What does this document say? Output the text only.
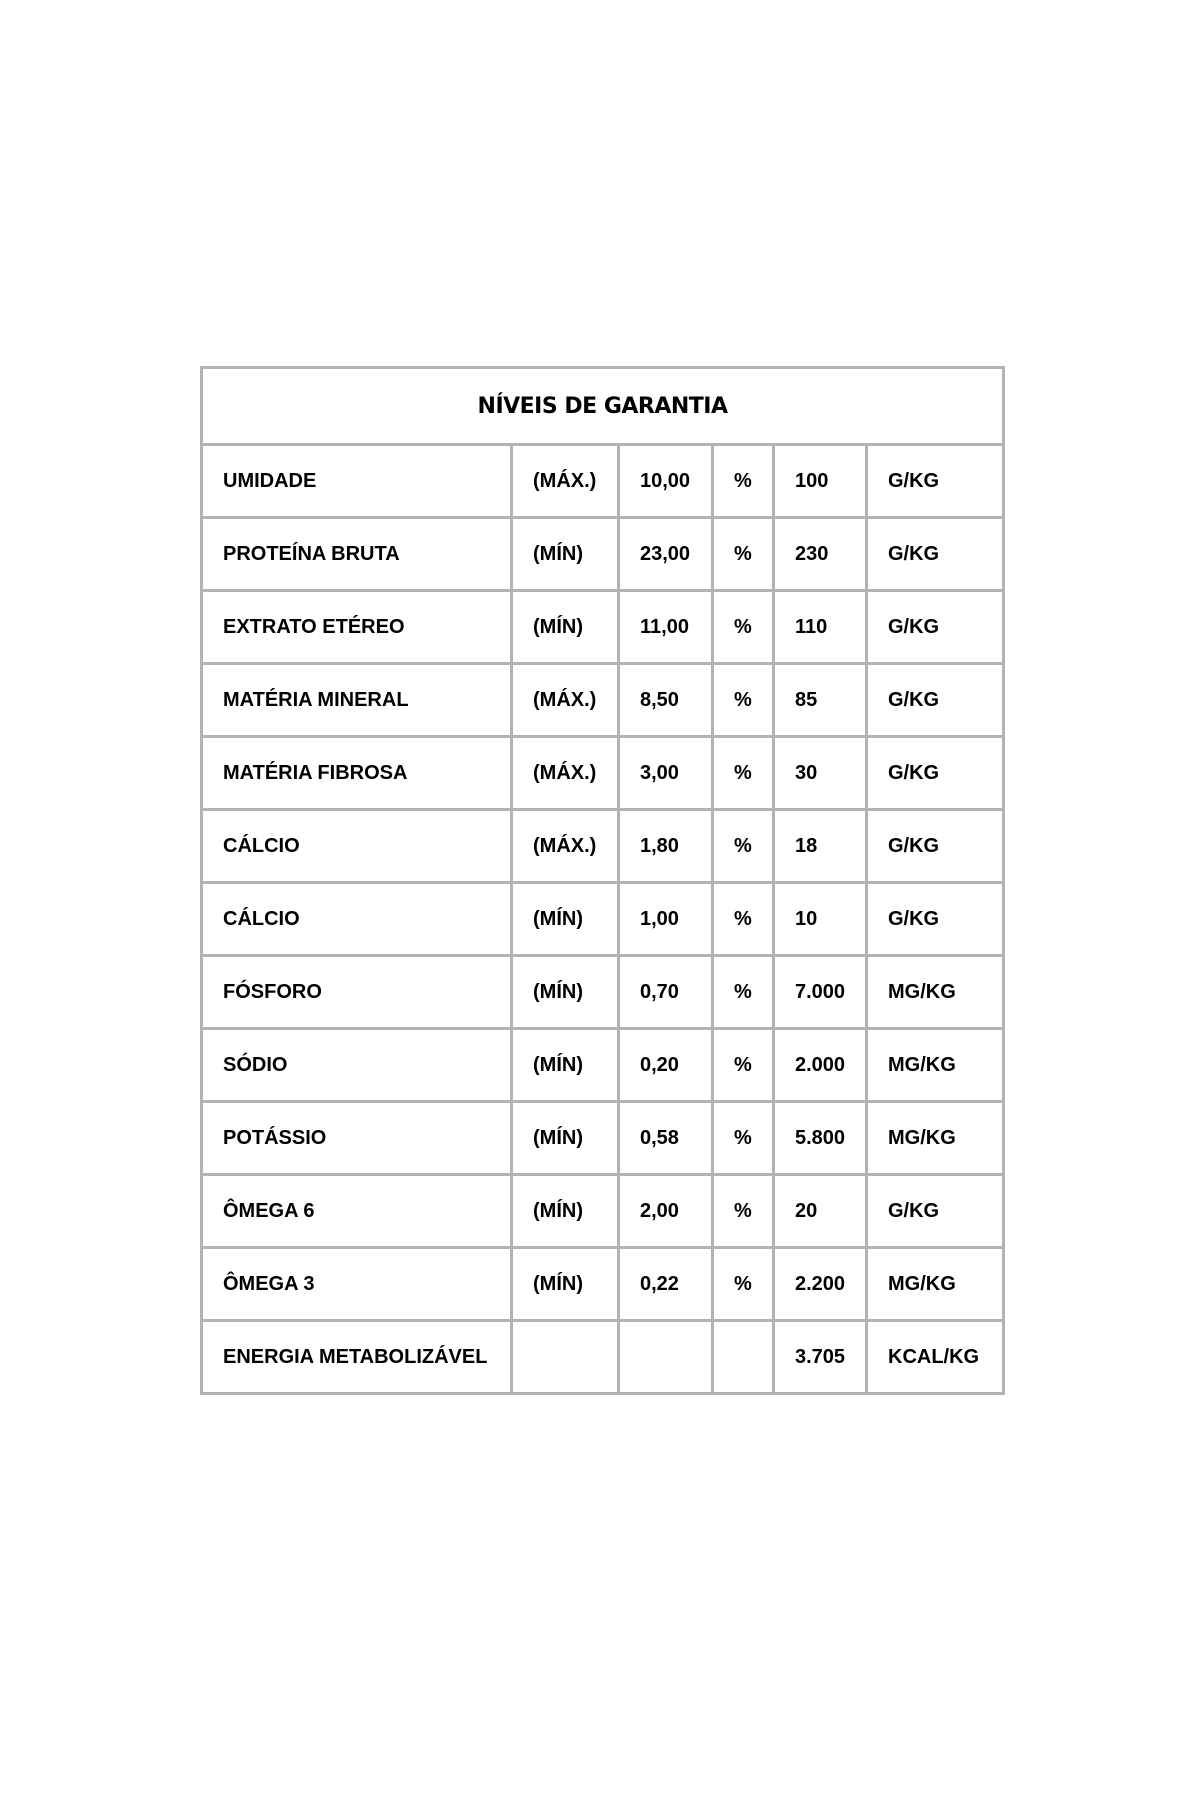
NÍVEIS DE GARANTIA					
UMIDADE	(MÁX.)	10,00	%	100	G/KG
PROTEÍNA BRUTA	(MÍN)	23,00	%	230	G/KG
EXTRATO ETÉREO	(MÍN)	11,00	%	110	G/KG
MATÉRIA MINERAL	(MÁX.)	8,50	%	85	G/KG
MATÉRIA FIBROSA	(MÁX.)	3,00	%	30	G/KG
CÁLCIO	(MÁX.)	1,80	%	18	G/KG
CÁLCIO	(MÍN)	1,00	%	10	G/KG
FÓSFORO	(MÍN)	0,70	%	7.000	MG/KG
SÓDIO	(MÍN)	0,20	%	2.000	MG/KG
POTÁSSIO	(MÍN)	0,58	%	5.800	MG/KG
ÔMEGA 6	(MÍN)	2,00	%	20	G/KG
ÔMEGA 3	(MÍN)	0,22	%	2.200	MG/KG
ENERGIA METABOLIZÁVEL				3.705	KCAL/KG
